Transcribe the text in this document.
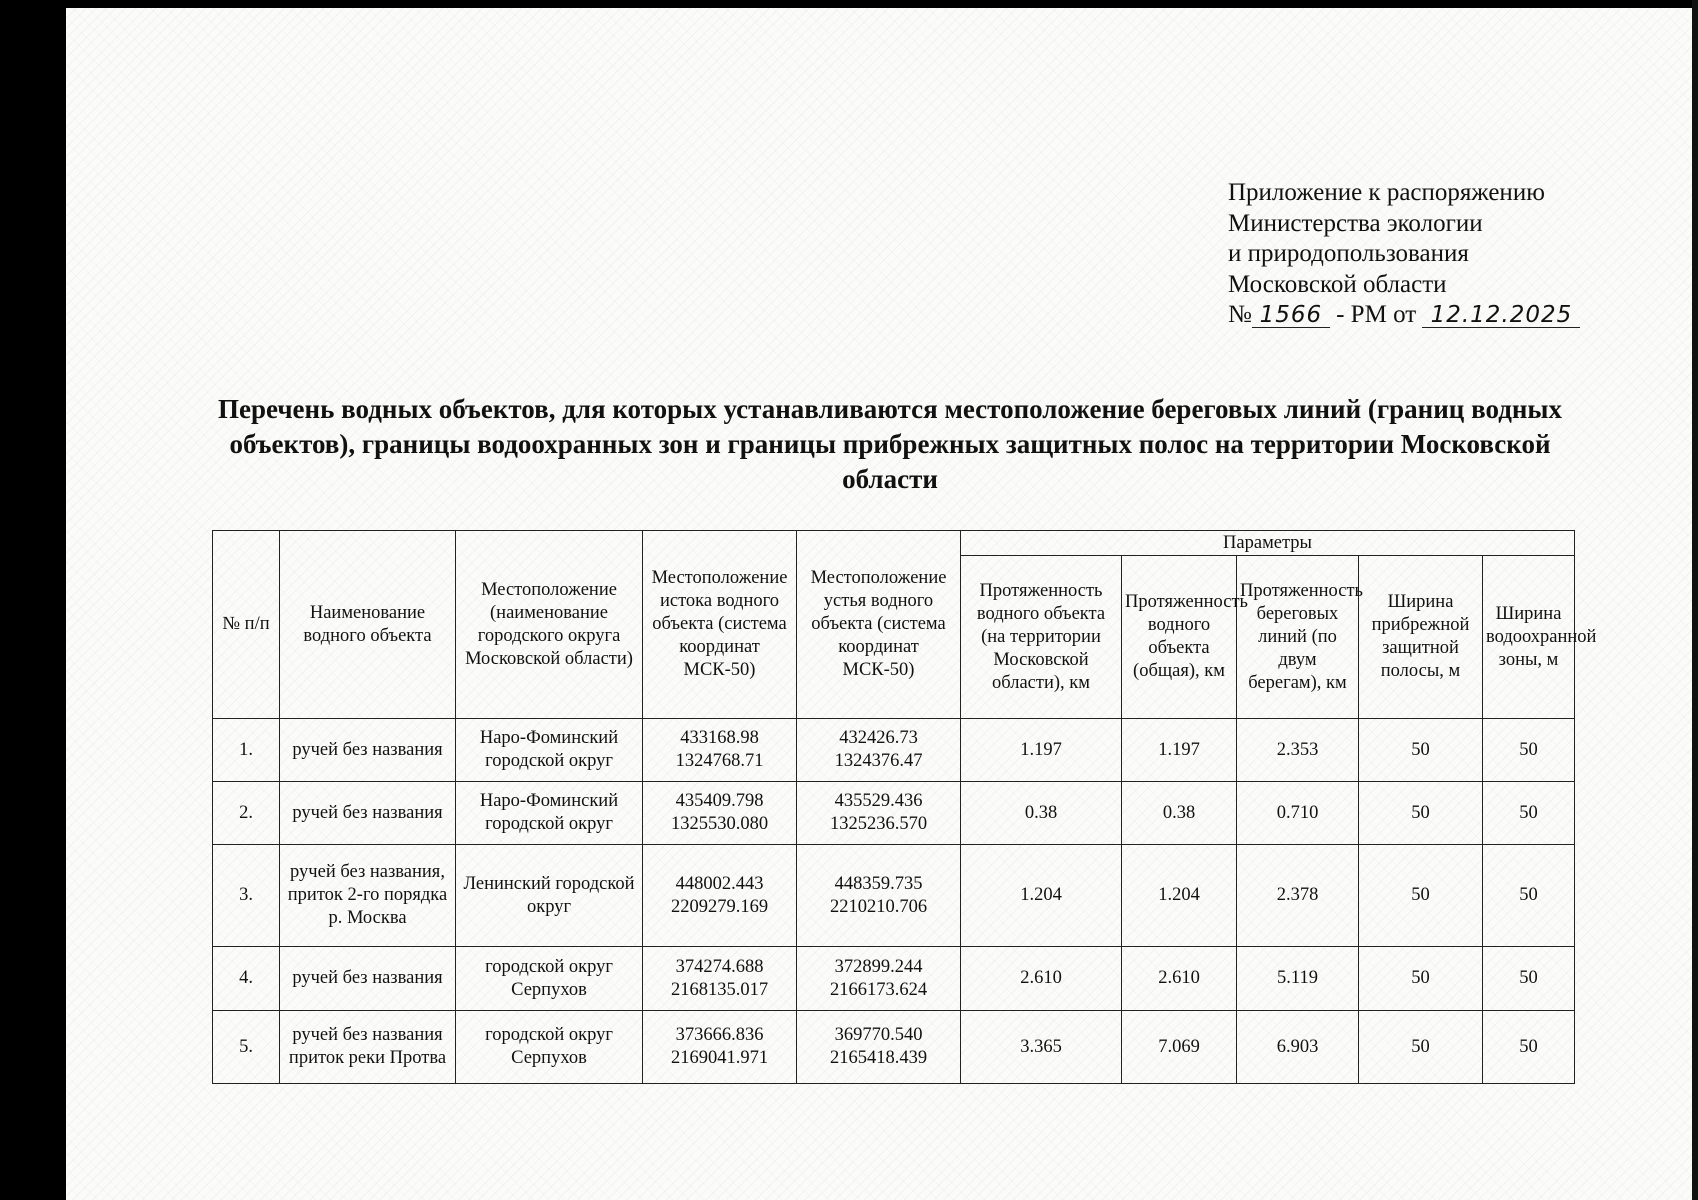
Приложение к распоряжению
Министерства экологии
и природопользования
Московской области
№ 1566 - РМ от 12.12.2025
Перечень водных объектов, для которых устанавливаются местоположение береговых линий (границ водных объектов), границы водоохранных зон и границы прибрежных защитных полос на территории Московской области
№ п/п	Наименование водного объекта	Местоположение (наименование городского округа Московской области)	Местоположение истока водного объекта (система координат МСК-50)	Местоположение устья водного объекта (система координат МСК-50)	Параметры				
					Протяженность водного объекта (на территории Московской области), км	Протяженность водного объекта (общая), км	Протяженность береговых линий (по двум берегам), км	Ширина прибрежной защитной полосы, м	Ширина водоохранной зоны, м
1.	ручей без названия	Наро-Фоминский городской округ	433168.98 1324768.71	432426.73 1324376.47	1.197	1.197	2.353	50	50
2.	ручей без названия	Наро-Фоминский городской округ	435409.798 1325530.080	435529.436 1325236.570	0.38	0.38	0.710	50	50
3.	ручей без названия, приток 2-го порядка р. Москва	Ленинский городской округ	448002.443 2209279.169	448359.735 2210210.706	1.204	1.204	2.378	50	50
4.	ручей без названия	городской округ Серпухов	374274.688 2168135.017	372899.244 2166173.624	2.610	2.610	5.119	50	50
5.	ручей без названия приток реки Протва	городской округ Серпухов	373666.836 2169041.971	369770.540 2165418.439	3.365	7.069	6.903	50	50
